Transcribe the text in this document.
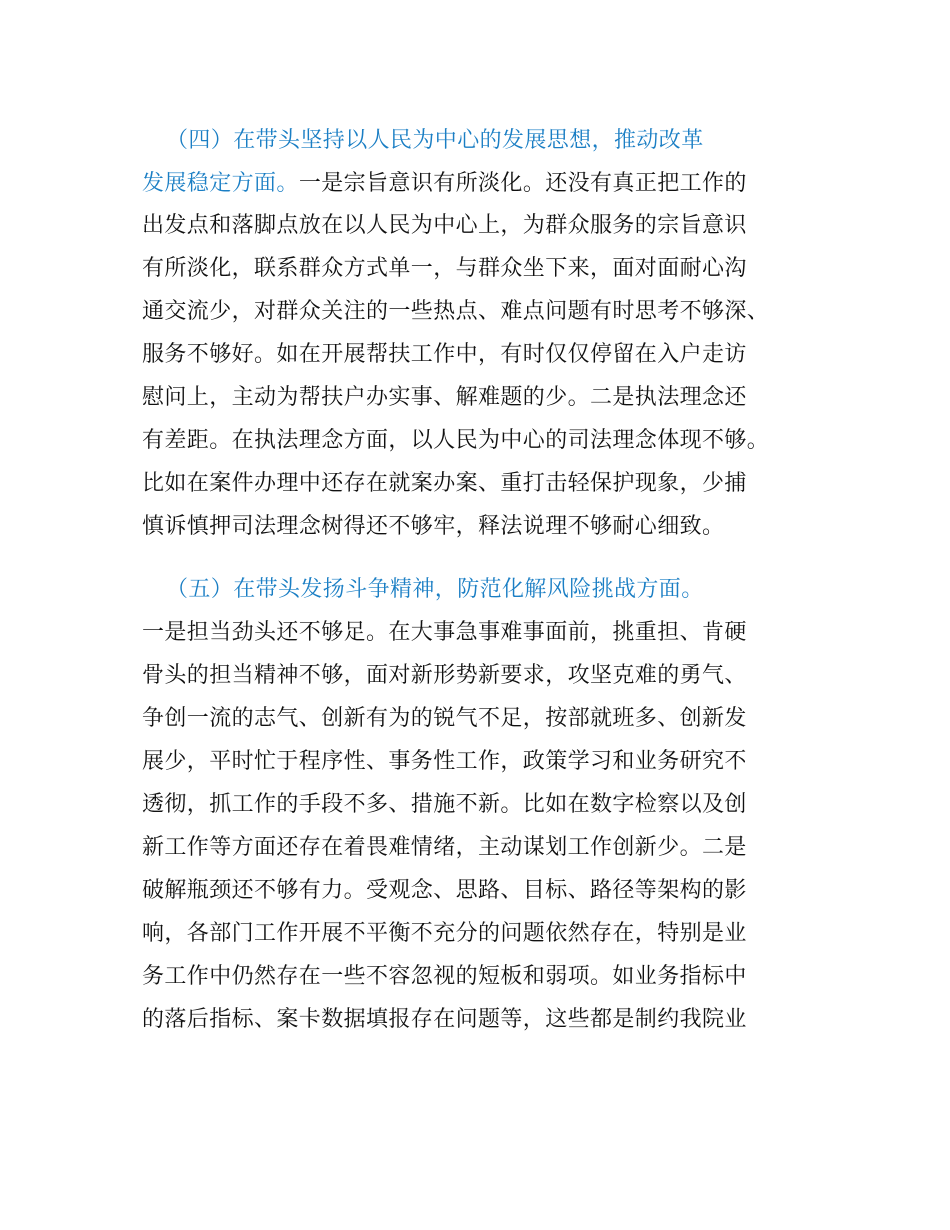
（四）在带头坚持以人民为中心的发展思想，推动改革
发展稳定方面。一是宗旨意识有所淡化。还没有真正把工作的
出发点和落脚点放在以人民为中心上，为群众服务的宗旨意识
有所淡化，联系群众方式单一，与群众坐下来，面对面耐心沟
通交流少，对群众关注的一些热点、难点问题有时思考不够深、
服务不够好。如在开展帮扶工作中，有时仅仅停留在入户走访
慰问上，主动为帮扶户办实事、解难题的少。二是执法理念还
有差距。在执法理念方面，以人民为中心的司法理念体现不够。
比如在案件办理中还存在就案办案、重打击轻保护现象，少捕
慎诉慎押司法理念树得还不够牢，释法说理不够耐心细致。
（五）在带头发扬斗争精神，防范化解风险挑战方面。
一是担当劲头还不够足。在大事急事难事面前，挑重担、肯硬
骨头的担当精神不够，面对新形势新要求，攻坚克难的勇气、
争创一流的志气、创新有为的锐气不足，按部就班多、创新发
展少，平时忙于程序性、事务性工作，政策学习和业务研究不
透彻，抓工作的手段不多、措施不新。比如在数字检察以及创
新工作等方面还存在着畏难情绪，主动谋划工作创新少。二是
破解瓶颈还不够有力。受观念、思路、目标、路径等架构的影
响，各部门工作开展不平衡不充分的问题依然存在，特别是业
务工作中仍然存在一些不容忽视的短板和弱项。如业务指标中
的落后指标、案卡数据填报存在问题等，这些都是制约我院业
